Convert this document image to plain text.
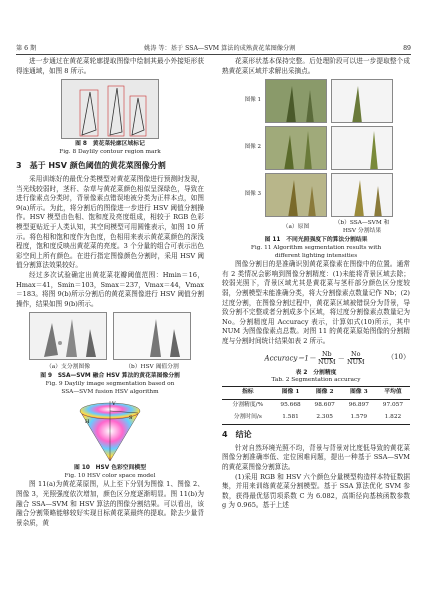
第 6 期	姚涛 等：基于 SSA—SVM 算法的成熟黄花菜图像分割	89

进一步通过在黄花菜轮廓提取图像中绘制其最小外接矩形获得连通域，如图 8 所示。

图 8　黄花菜轮廓区域标记
Fig. 8 Daylily contour region mark
3　基于 HSV 颜色阈值的黄花菜图像分割

采用训练好的最优分类模型对黄花菜图像进行预测时发现，当光线较弱时，茎秆、杂草与黄花菜颜色相似呈深绿色，导致在进行像素点分类时，背景像素点错误地被分类为正样本点，如图 9(a)所示。为此，将分割后的图像进一步进行 HSV 阈值分割操作。HSV 模型由色相、饱和度及亮度组成，相较于 RGB 色彩模型更贴近于人类认知，其空间模型可用圆锥表示，如图 10 所示。将色相和饱和度作为色度，色相用来表示黄花菜颜色的深浅程度，饱和度反映出黄花菜的亮度。3 个分量的组合可表示出色彩空间上所有颜色。在进行指定图像颜色分割时，采用 HSV 阈值分割算法效果较好。

经过多次试验确定出黄花菜花瓣阈值范围：Hmin＝16，Hmax＝41，Smin＝103，Smax＝237，Vmax＝44，Vmax＝183。将图 9(b)所示分割后的黄花菜图像进行 HSV 阈值分割操作，结果如图 9(b)所示。

（a）支分割图像	（b）HSV 阈值分割
图 9　SSA—SVM 融合 HSV 算法的黄花菜图像分割
Fig. 9 Daylily image segmentation based on
SSA—SVM fusion HSV algorithm
V
S
H
图 10　HSV 色彩空间模型
Fig. 10 HSV color space model

图 11(a)为黄花菜原图，从上至下分别为图像 1、图像 2、图像 3，光照强度依次增加，颜色区分度逐渐明显。图 11(b)为融合 SSA—SVM 和 HSV 算法的图像分割结果。可以看出，该融合分割策略能够较好实现目标黄花菜最终的提取。除去少量背景杂质，黄

花菜形状基本保持完整。后处理阶段可以进一步提取整个成熟黄花菜区域并求解出采摘点。

图像 1
图像 2
图像 3
（a）原图
（b）SSA—SVM 和
HSV 分割结果
图 11　不同光照强度下的算法分割结果
Fig. 11 Algorithm segmentation results with
different lighting intensities

图像分割目的是准确识别黄花菜像素在图像中的位置。通常有 2 类情况会影响到图像分割精度：(1)未能将背景区域去除；较弱光照下，背景区域尤其是黄花菜与茎秆部分颜色区分度较弱，分割模型未能准确分类，将大分割像素点数量记作 Nb；(2)过度分割，在图像分割过程中，黄花菜区域被错误分为背景，导致分割不完整或者分割成多个区域，将过度分割像素点数量记为 No。分割精度用 Accuracy 表示，计算如式(10)所示，其中 NUM 为图像像素点总数。对图 11 的黄花菜原始图像的分割精度与分割时间统计结果如表 2 所示。

Accuracy＝1－ $\frac{Nb}{\text{NUM}} - \frac{No}{\text{NUM}}$	（10）
表 2　分割精度
Tab. 2 Segmentation accuracy
指标	图像 1	图像 2	图像 3	平均值
分割精度/%	95.668	98.607	96.897	97.057
分割时间/s	1.581	2.305	1.579	1.822
4　结论

针对自然环境光照不均，背景与背景对比度低导致的黄花菜图像分割准确率低、定位困难问题，提出一种基于 SSA—SVM 的黄花菜图像分割算法。

(1)采用 RGB 和 HSV 六个颜色分量模型构造样本特征数据集，并用来训练黄花菜分割模型。基于 SSA 算法优化 SVM 参数，获得最优惩罚项系数 C 为 6.082，高斯径向基核函数参数 g 为 0.965。基于上述
